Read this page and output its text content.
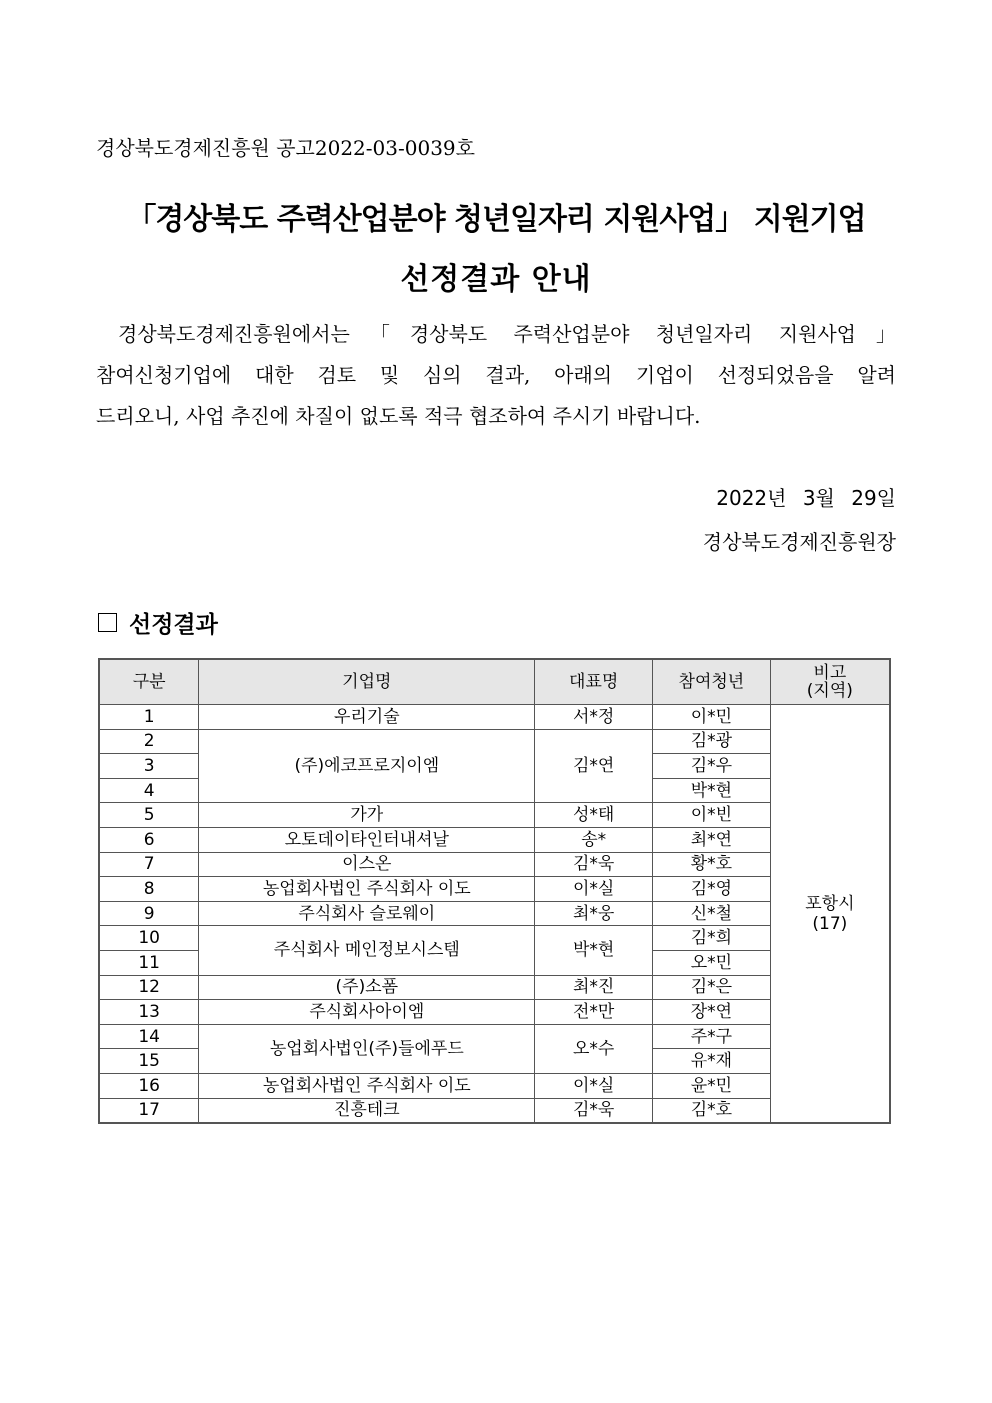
경상북도경제진흥원 공고2022-03-0039호
「경상북도 주력산업분야 청년일자리 지원사업」 지원기업
선정결과 안내
경상북도경제진흥원에서는「경상북도 주력산업분야 청년일자리 지원사업」
참여신청기업에 대한 검토 및 심의 결과, 아래의 기업이 선정되었음을 알려
드리오니, 사업 추진에 차질이 없도록 적극 협조하여 주시기 바랍니다.
2022년 3월 29일
경상북도경제진흥원장
선정결과
구분	기업명	대표명	참여청년	비고
(지역)
1	우리기술	서*정	이*민	포항시
(17)
2	(주)에코프로지이엠	김*연	김*광	
3			김*우	
4			박*현	
5	가가	성*태	이*빈	
6	오토데이타인터내셔날	송*	최*연	
7	이스온	김*욱	황*호	
8	농업회사법인 주식회사 이도	이*실	김*영	
9	주식회사 슬로웨이	최*웅	신*철	
10	주식회사 메인정보시스템	박*현	김*희	
11			오*민	
12	(주)소폼	최*진	김*은	
13	주식회사아이엠	전*만	장*연	
14	농업회사법인(주)들에푸드	오*수	주*구	
15			유*재	
16	농업회사법인 주식회사 이도	이*실	윤*민	
17	진흥테크	김*욱	김*호	
